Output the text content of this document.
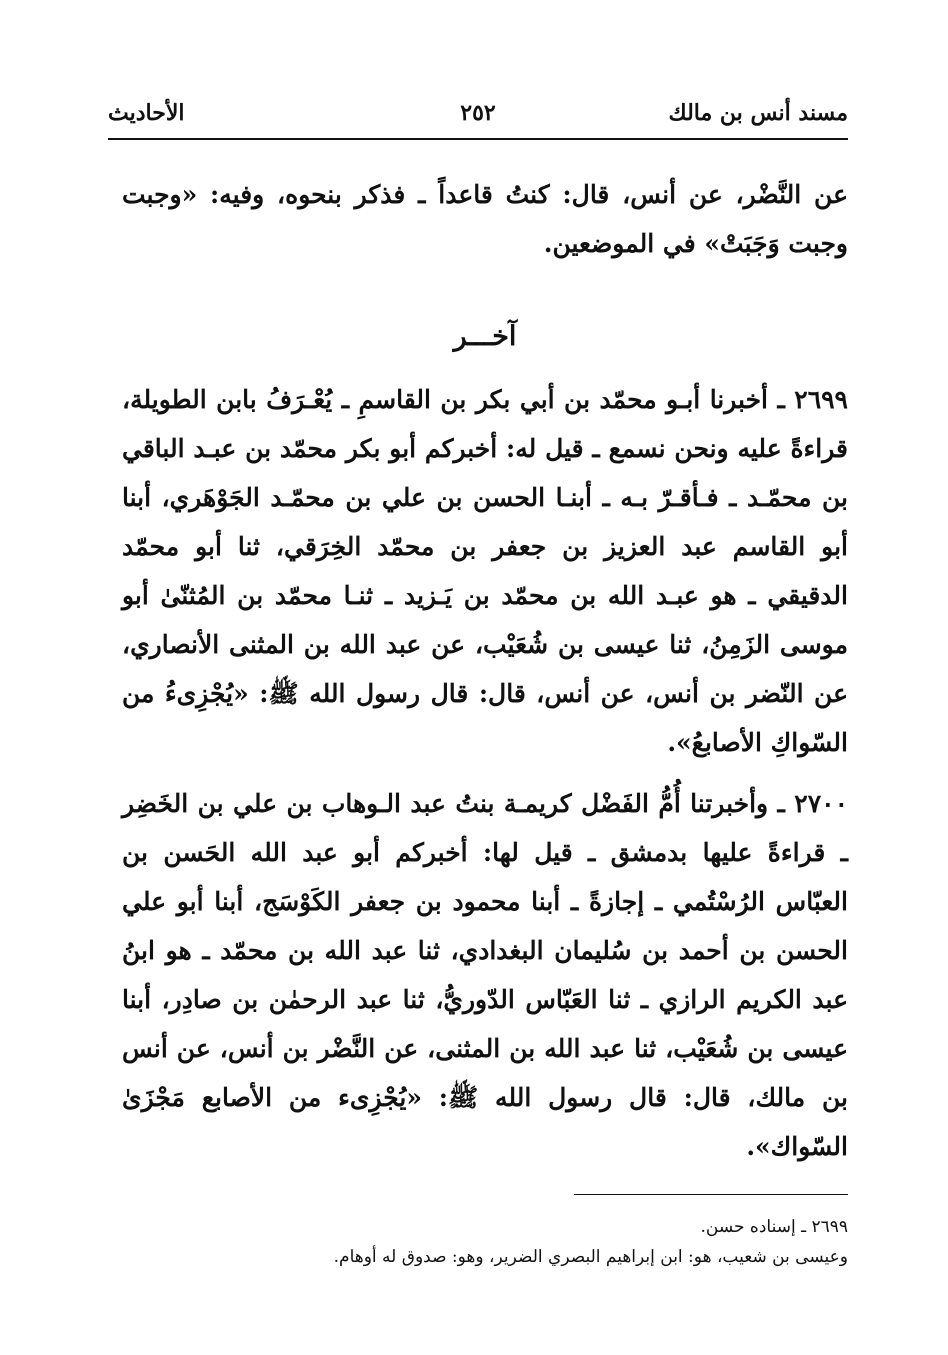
مسند أنس بن مالك
٢٥٢
الأحاديث

عن النَّضْر، عن أنس، قال: كنتُ قاعداً ـ فذكر بنحوه، وفيه: «وجبت وجبت وَجَبَتْ» في الموضعين.

آخـــر

٢٦٩٩ ـ أخبرنا أبـو محمّد بن أبي بكر بن القاسمِ ـ يُعْـرَفُ بابن الطويلة، قراءةً عليه ونحن نسمع ـ قيل له: أخبركم أبو بكر محمّد بن عبـد الباقي بن محمّـد ـ فـأقـرّ بـه ـ أبنـا الحسن بن علي بن محمّـد الجَوْهَري، أبنا أبو القاسم عبد العزيز بن جعفر بن محمّد الخِرَقي، ثنا أبو محمّد الدقيقي ـ هو عبـد الله بن محمّد بن يَـزيد ـ ثنـا محمّد بن المُثنّىٰ أبو موسى الزَمِنُ، ثنا عيسى بن شُعَيْب، عن عبد الله بن المثنى الأنصاري، عن النّضر بن أنس، عن أنس، قال: قال رسول الله ﷺ: «يُجْزِىءُ من السّواكِ الأصابعُ».

٢٧٠٠ ـ وأخبرتنا أُمُّ الفَضْل كريمـة بنتُ عبد الـوهاب بن علي بن الخَضِر ـ قراءةً عليها بدمشق ـ قيل لها: أخبركم أبو عبد الله الحَسن بن العبّاس الرُسْتُمي ـ إجازةً ـ أبنا محمود بن جعفر الكَوْسَج، أبنا أبو علي الحسن بن أحمد بن سُليمان البغدادي، ثنا عبد الله بن محمّد ـ هو ابنُ عبد الكريم الرازي ـ ثنا العَبّاس الدّوريُّ، ثنا عبد الرحمٰن بن صادِر، أبنا عيسى بن شُعَيْب، ثنا عبد الله بن المثنى، عن النَّضْر بن أنس، عن أنس بن مالك، قال: قال رسول الله ﷺ: «يُجْزِىء من الأصابع مَجْزَىٰ السّواك».

٢٦٩٩ ـ إسناده حسن.

وعيسى بن شعيب، هو: ابن إبراهيم البصري الضرير، وهو: صدوق له أوهام.
